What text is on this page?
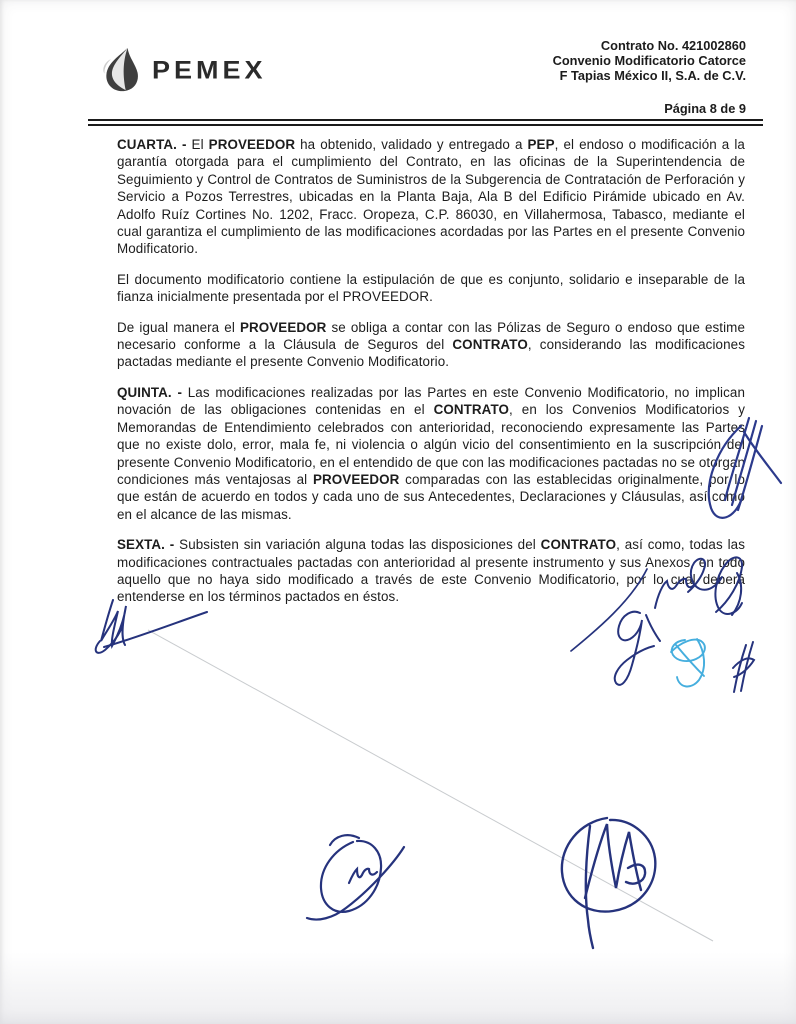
PEMEX
Contrato No. 421002860
Convenio Modificatorio Catorce
F Tapias México II, S.A. de C.V.
Página 8 de 9

CUARTA. - El PROVEEDOR ha obtenido, validado y entregado a PEP, el endoso o modificación a la garantía otorgada para el cumplimiento del Contrato, en las oficinas de la Superintendencia de Seguimiento y Control de Contratos de Suministros de la Subgerencia de Contratación de Perforación y Servicio a Pozos Terrestres, ubicadas en la Planta Baja, Ala B del Edificio Pirámide ubicado en Av. Adolfo Ruíz Cortines No. 1202, Fracc. Oropeza, C.P. 86030, en Villahermosa, Tabasco, mediante el cual garantiza el cumplimiento de las modificaciones acordadas por las Partes en el presente Convenio Modificatorio.

El documento modificatorio contiene la estipulación de que es conjunto, solidario e inseparable de la fianza inicialmente presentada por el PROVEEDOR.

De igual manera el PROVEEDOR se obliga a contar con las Pólizas de Seguro o endoso que estime necesario conforme a la Cláusula de Seguros del CONTRATO, considerando las modificaciones pactadas mediante el presente Convenio Modificatorio.

QUINTA. - Las modificaciones realizadas por las Partes en este Convenio Modificatorio, no implican novación de las obligaciones contenidas en el CONTRATO, en los Convenios Modificatorios y Memorandas de Entendimiento celebrados con anterioridad, reconociendo expresamente las Partes que no existe dolo, error, mala fe, ni violencia o algún vicio del consentimiento en la suscripción del presente Convenio Modificatorio, en el entendido de que con las modificaciones pactadas no se otorgan condiciones más ventajosas al PROVEEDOR comparadas con las establecidas originalmente, por lo que están de acuerdo en todos y cada uno de sus Antecedentes, Declaraciones y Cláusulas, así como en el alcance de las mismas.

SEXTA. - Subsisten sin variación alguna todas las disposiciones del CONTRATO, así como, todas las modificaciones contractuales pactadas con anterioridad al presente instrumento y sus Anexos, en todo aquello que no haya sido modificado a través de este Convenio Modificatorio, por lo cual deberá entenderse en los términos pactados en éstos.
